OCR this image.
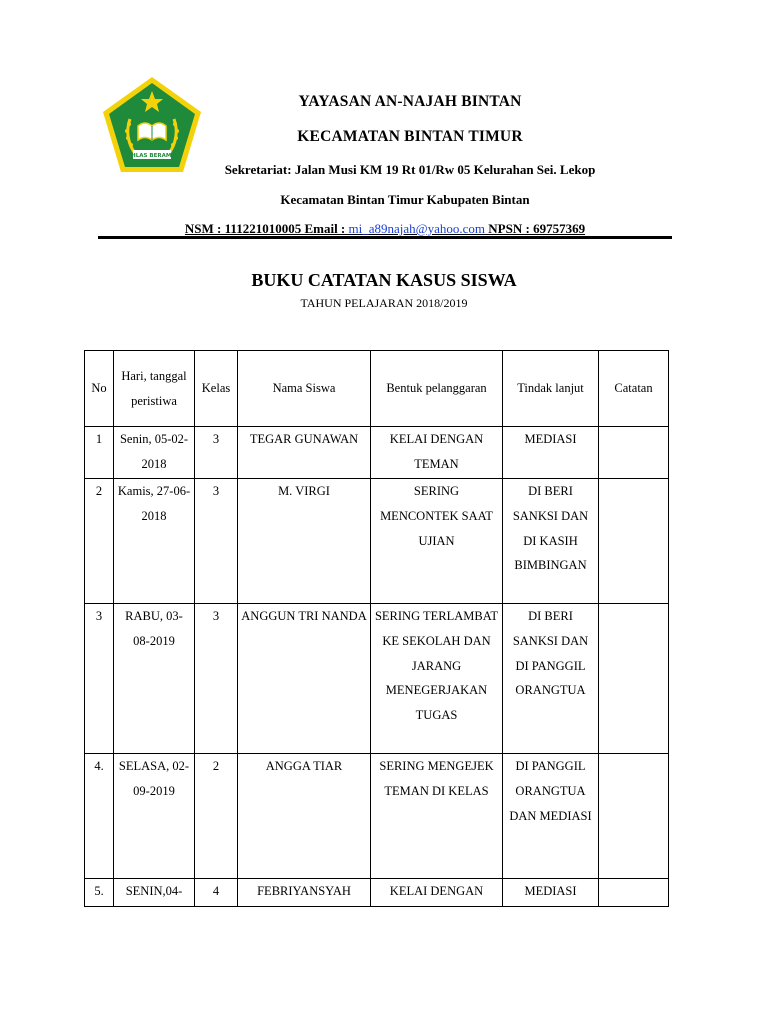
IKHLAS BERAMAL
YAYASAN AN-NAJAH BINTAN
KECAMATAN BINTAN TIMUR
Sekretariat: Jalan Musi KM 19 Rt 01/Rw 05 Kelurahan Sei. Lekop
Kecamatan Bintan Timur Kabupaten Bintan
NSM : 111221010005 Email : mi_a89najah@yahoo.com NPSN : 69757369
BUKU CATATAN KASUS SISWA
TAHUN PELAJARAN 2018/2019
No	Hari, tanggal peristiwa	Kelas	Nama Siswa	Bentuk pelanggaran	Tindak lanjut	Catatan
1	Senin, 05-02-2018	3	TEGAR GUNAWAN	KELAI DENGAN TEMAN	MEDIASI	
2	Kamis, 27-06-2018	3	M. VIRGI	SERING MENCONTEK SAAT UJIAN	DI BERI SANKSI DAN DI KASIH BIMBINGAN	
3	RABU, 03-08-2019	3	ANGGUN TRI NANDA	SERING TERLAMBAT KE SEKOLAH DAN JARANG MENEGERJAKAN TUGAS	DI BERI SANKSI DAN DI PANGGIL ORANGTUA	
4.	SELASA, 02-09-2019	2	ANGGA TIAR	SERING MENGEJEK TEMAN DI KELAS	DI PANGGIL ORANGTUA DAN MEDIASI	
5.	SENIN,04-	4	FEBRIYANSYAH	KELAI DENGAN	MEDIASI	
